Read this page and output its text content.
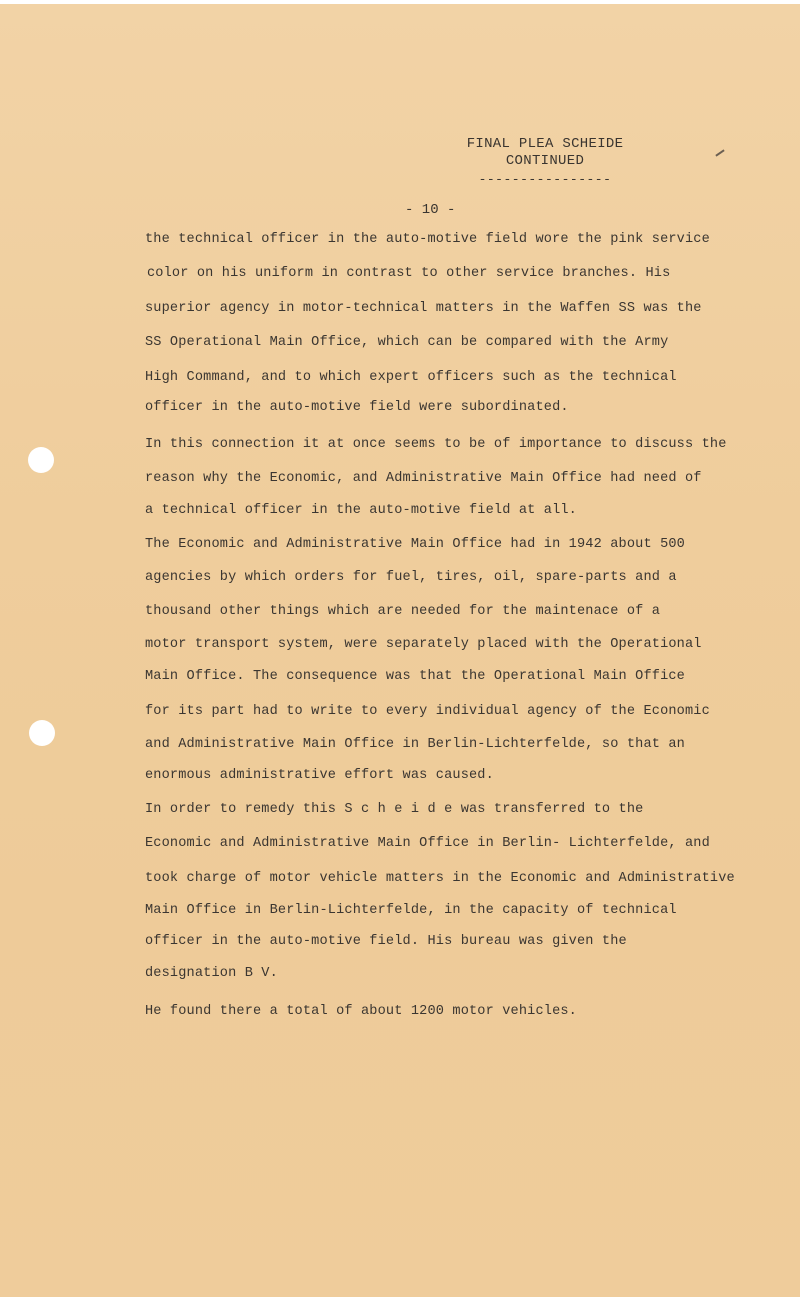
FINAL PLEA SCHEIDE
CONTINUED
----------------
- 10 -
the technical officer in the auto-motive field wore the pink service
color on his uniform in contrast to other service branches. His
superior agency in motor-technical matters in the Waffen SS was the
SS Operational Main Office, which can be compared with the Army
High Command, and to which expert officers such as the technical
officer in the auto-motive field were subordinated.
In this connection it at once seems to be of importance to discuss the
reason why the Economic, and Administrative Main Office had need of
a technical officer in the auto-motive field at all.
The Economic and Administrative Main Office had in 1942 about 500
agencies by which orders for fuel, tires, oil, spare-parts and a
thousand other things which are needed for the maintenace of a
motor transport system, were separately placed with the Operational
Main Office. The consequence was that the Operational Main Office
for its part had to write to every individual agency of the Economic
and Administrative Main Office in Berlin-Lichterfelde, so that an
enormous administrative effort was caused.
In order to remedy this S c h e i d e was transferred to the
Economic and Administrative Main Office in Berlin- Lichterfelde, and
took charge of motor vehicle matters in the Economic and Administrative
Main Office in Berlin-Lichterfelde, in the capacity of technical
officer in the auto-motive field. His bureau was given the
designation B V.
He found there a total of about 1200 motor vehicles.
